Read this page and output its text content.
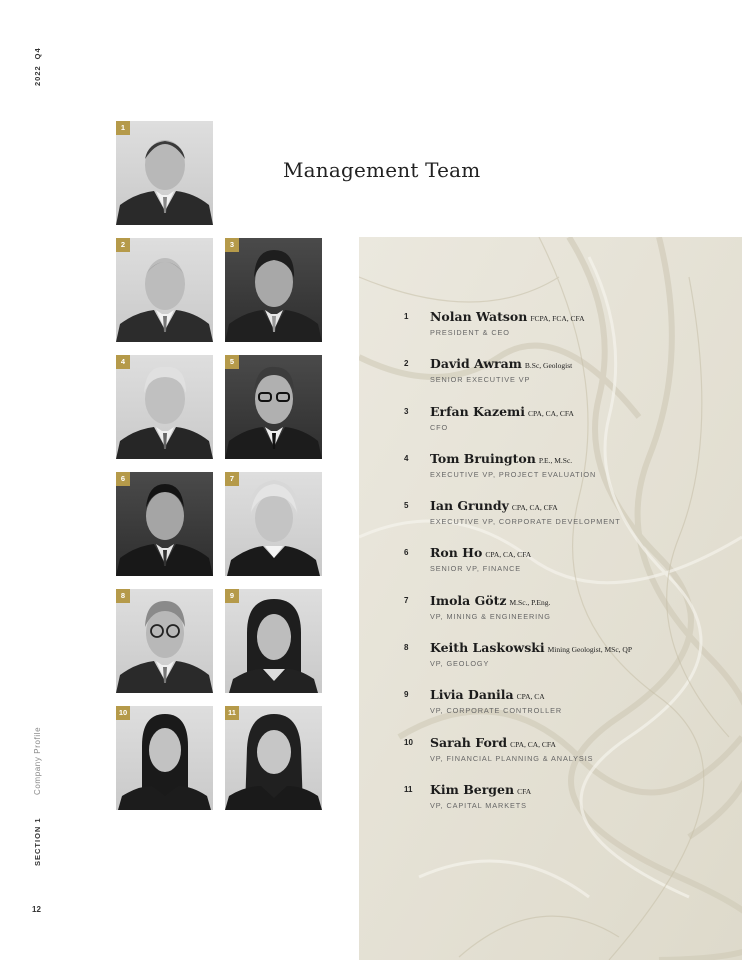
2022Q4
Company Profile
SECTION 1
12
Management Team
1
2	3
4	5
6	7
8	9
10	11
1 Nolan Watson FCPA, FCA, CFA
PRESIDENT & CEO
2 David Awram B.Sc, Geologist
SENIOR EXECUTIVE VP
3 Erfan Kazemi CPA, CA, CFA
CFO
4 Tom Bruington P.E., M.Sc.
EXECUTIVE VP, PROJECT EVALUATION
5 Ian Grundy CPA, CA, CFA
EXECUTIVE VP, CORPORATE DEVELOPMENT
6 Ron Ho CPA, CA, CFA
SENIOR VP, FINANCE
7 Imola Götz M.Sc., P.Eng.
VP, MINING & ENGINEERING
8 Keith Laskowski Mining Geologist, MSc, QP
VP, GEOLOGY
9 Livia Danila CPA, CA
VP, CORPORATE CONTROLLER
10 Sarah Ford CPA, CA, CFA
VP, FINANCIAL PLANNING & ANALYSIS
11 Kim Bergen CFA
VP, CAPITAL MARKETS
